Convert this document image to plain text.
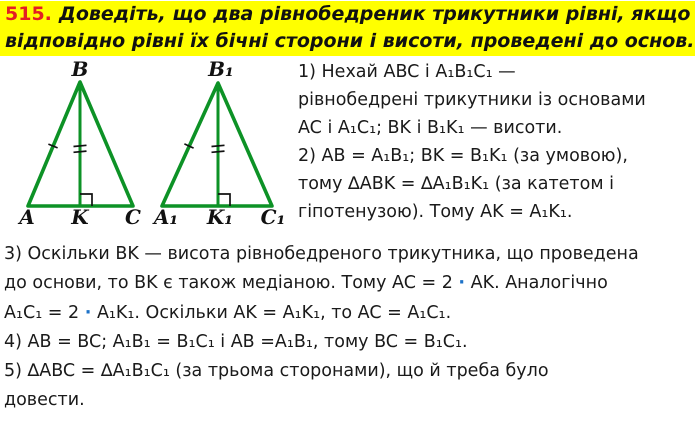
515. Доведіть, що два рівнобедреник трикутники рівні, якщо
відповідно рівні їх бічні сторони і висоти, проведені до основ.
B
A K C
B₁
A₁ K₁ C₁
1) Нехай ABC і A₁B₁C₁ —
рівнобедрені трикутники із основами
AC і A₁C₁; BK і B₁K₁ — висоти.
2) AB = A₁B₁; BK = B₁K₁ (за умовою),
тому ∆ABK = ∆A₁B₁K₁ (за катетом і
гіпотенузою). Тому AK = A₁K₁.
3) Оскільки BK — висота рівнобедреного трикутника, що проведена
до основи, то BK є також медіаною. Тому AC = 2 · AK. Аналогічно
A₁C₁ = 2 · A₁K₁. Оскільки AK = A₁K₁, то AC = A₁C₁.
4) AB = BC; A₁B₁ = B₁C₁ і AB =A₁B₁, тому BC = B₁C₁.
5) ∆ABC = ∆A₁B₁C₁ (за трьома сторонами), що й треба було
довести.
